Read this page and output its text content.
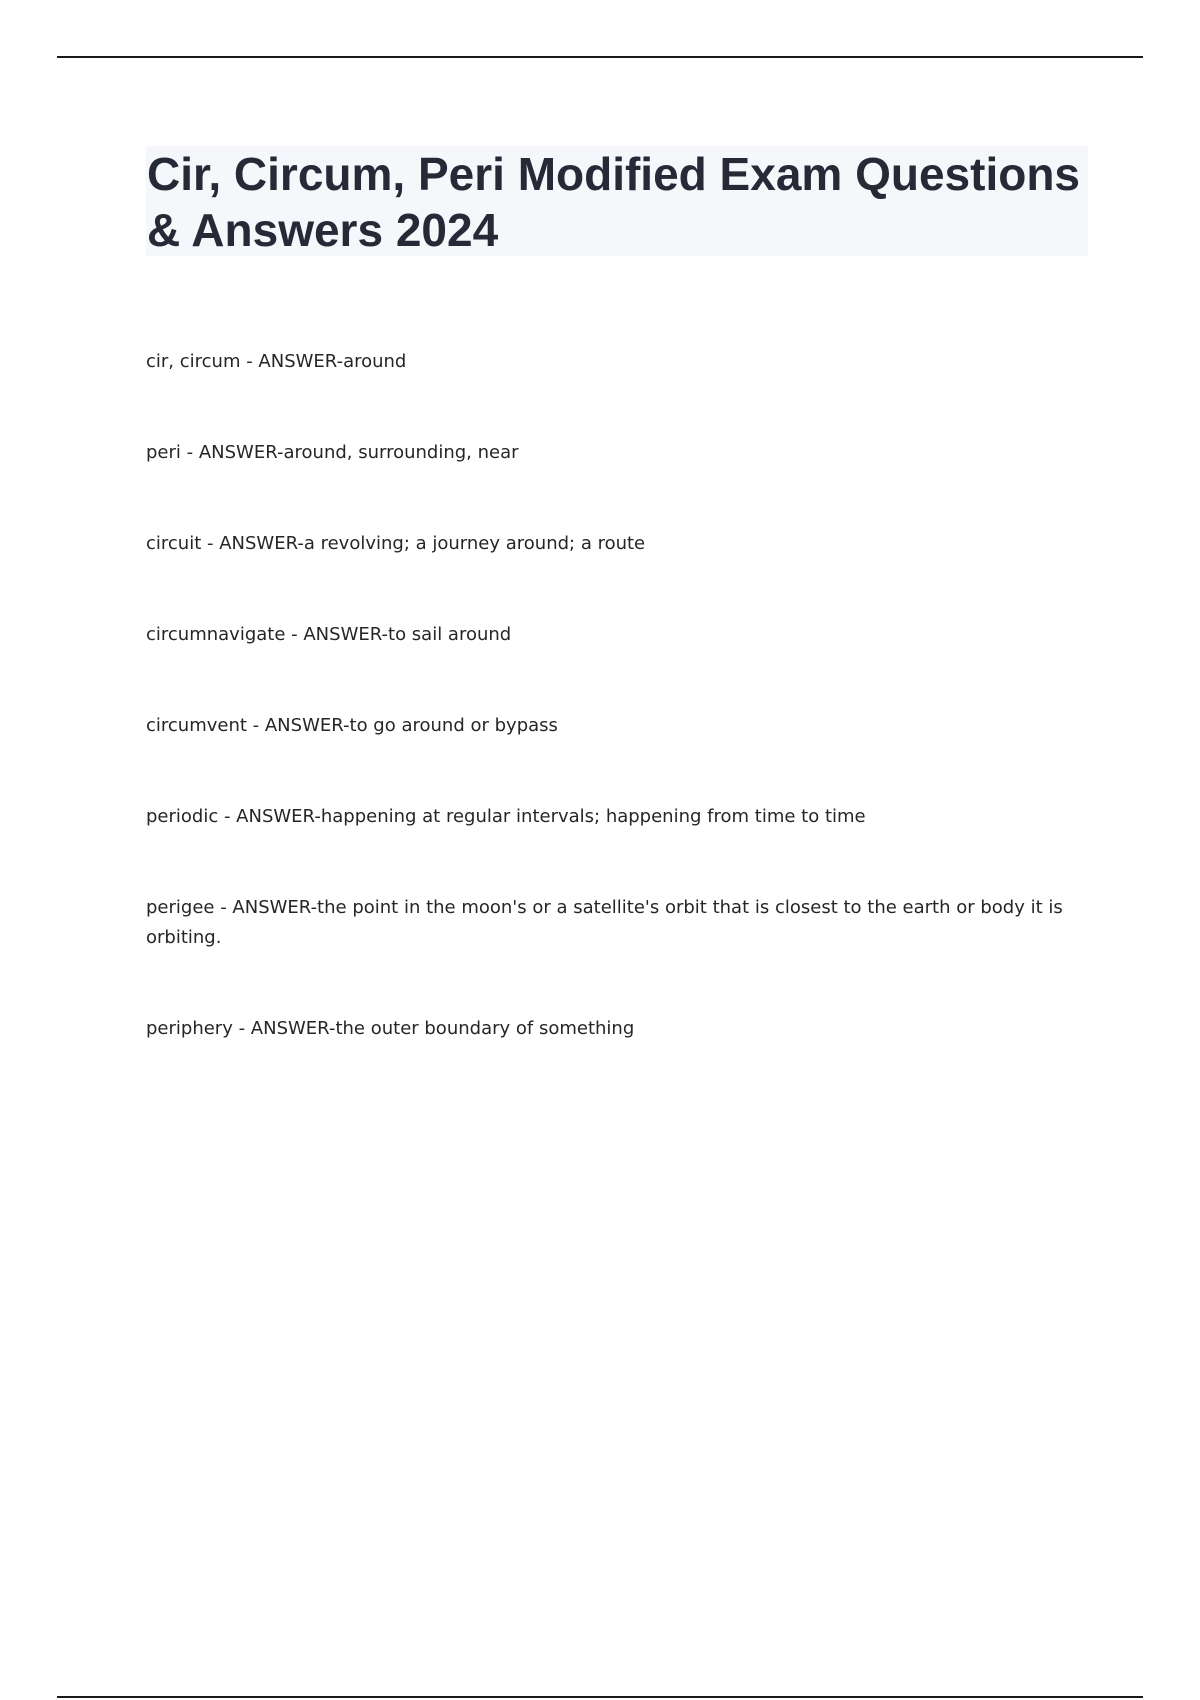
Cir, Circum, Peri Modified Exam Questions & Answers 2024

cir, circum - ANSWER-around

peri - ANSWER-around, surrounding, near

circuit - ANSWER-a revolving; a journey around; a route

circumnavigate - ANSWER-to sail around

circumvent - ANSWER-to go around or bypass

periodic - ANSWER-happening at regular intervals; happening from time to time

perigee - ANSWER-the point in the moon's or a satellite's orbit that is closest to the earth or body it is orbiting.

periphery - ANSWER-the outer boundary of something
